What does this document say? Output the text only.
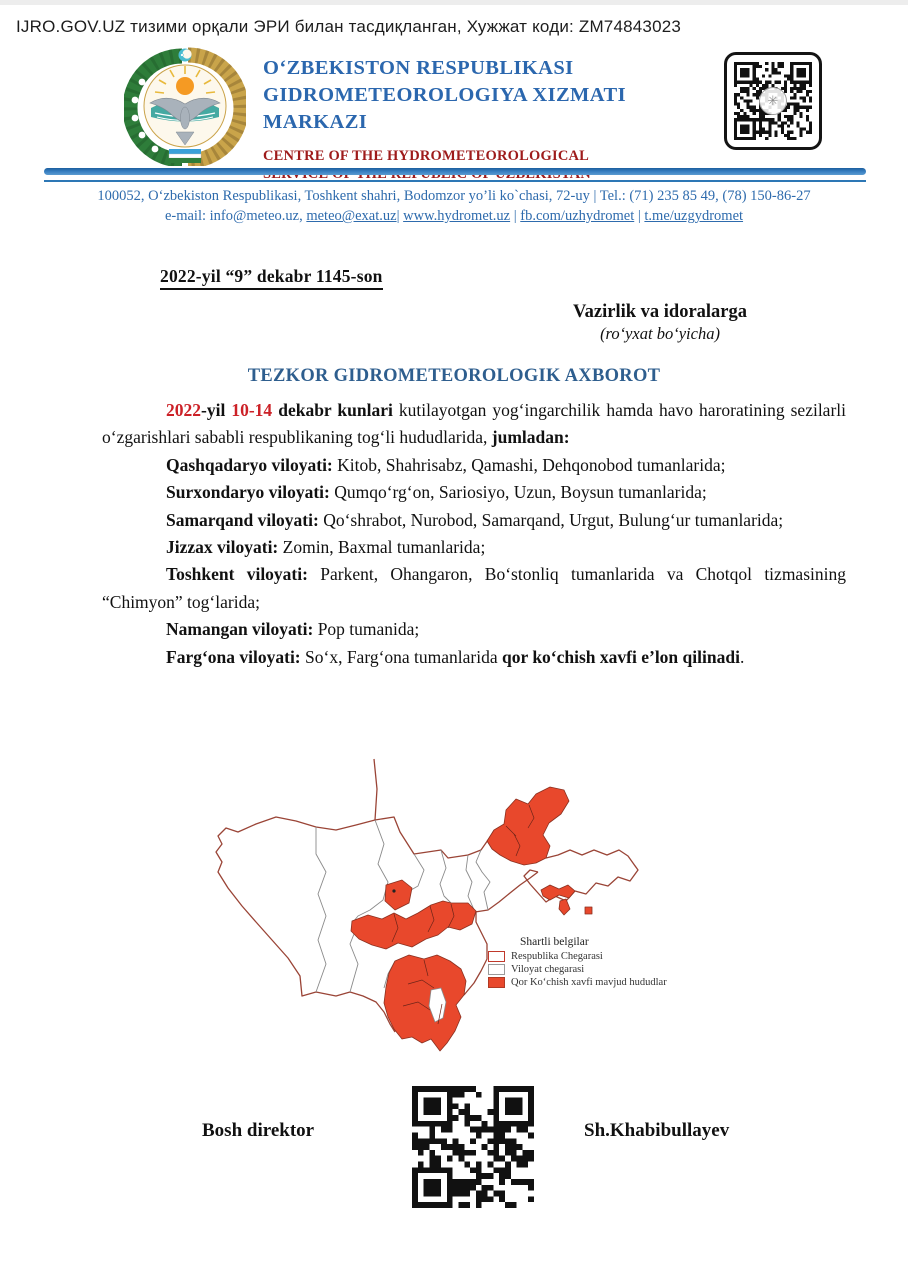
IJRO.GOV.UZ тизими орқали ЭРИ билан тасдиқланган, Хужжат коди: ZM74843023
O‘ZBEKISTON RESPUBLIKASI
GIDROMETEOROLOGIYA XIZMATI MARKAZI
CENTRE OF THE HYDROMETEOROLOGICAL
✳
100052, O‘zbekiston Respublikasi, Toshkent shahri, Bodomzor yo’li ko`chasi, 72-uy | Tel.: (71) 235 85 49, (78) 150-86-27
e-mail: info@meteo.uz, meteo@exat.uz| www.hydromet.uz | fb.com/uzhydromet | t.me/uzgydromet
2022-yil “9” dekabr 1145-son
Vazirlik va idoralarga
(ro‘yxat bo‘yicha)
TEZKOR GIDROMETEOROLOGIK AXBOROT

2022-yil 10-14 dekabr kunlari kutilayotgan yog‘ingarchilik hamda havo haroratining sezilarli o‘zgarishlari sababli respublikaning tog‘li hududlarida, jumladan:

Qashqadaryo viloyati: Kitob, Shahrisabz, Qamashi, Dehqonobod tumanlarida;

Surxondaryo viloyati: Qumqo‘rg‘on, Sariosiyo, Uzun, Boysun tumanlarida;

Samarqand viloyati: Qo‘shrabot, Nurobod, Samarqand, Urgut, Bulung‘ur tumanlarida;

Jizzax viloyati: Zomin, Baxmal tumanlarida;

Toshkent viloyati: Parkent, Ohangaron, Bo‘stonliq tumanlarida va Chotqol tizmasining “Chimyon” tog‘larida;

Namangan viloyati: Pop tumanida;

Farg‘ona viloyati: So‘x, Farg‘ona tumanlarida qor ko‘chish xavfi e’lon qilinadi.

Shartli belgilar
Respublika Chegarasi
Viloyat chegarasi
Qor Ko‘chish xavfi mavjud hududlar
Bosh direktor	Sh.Khabibullayev
